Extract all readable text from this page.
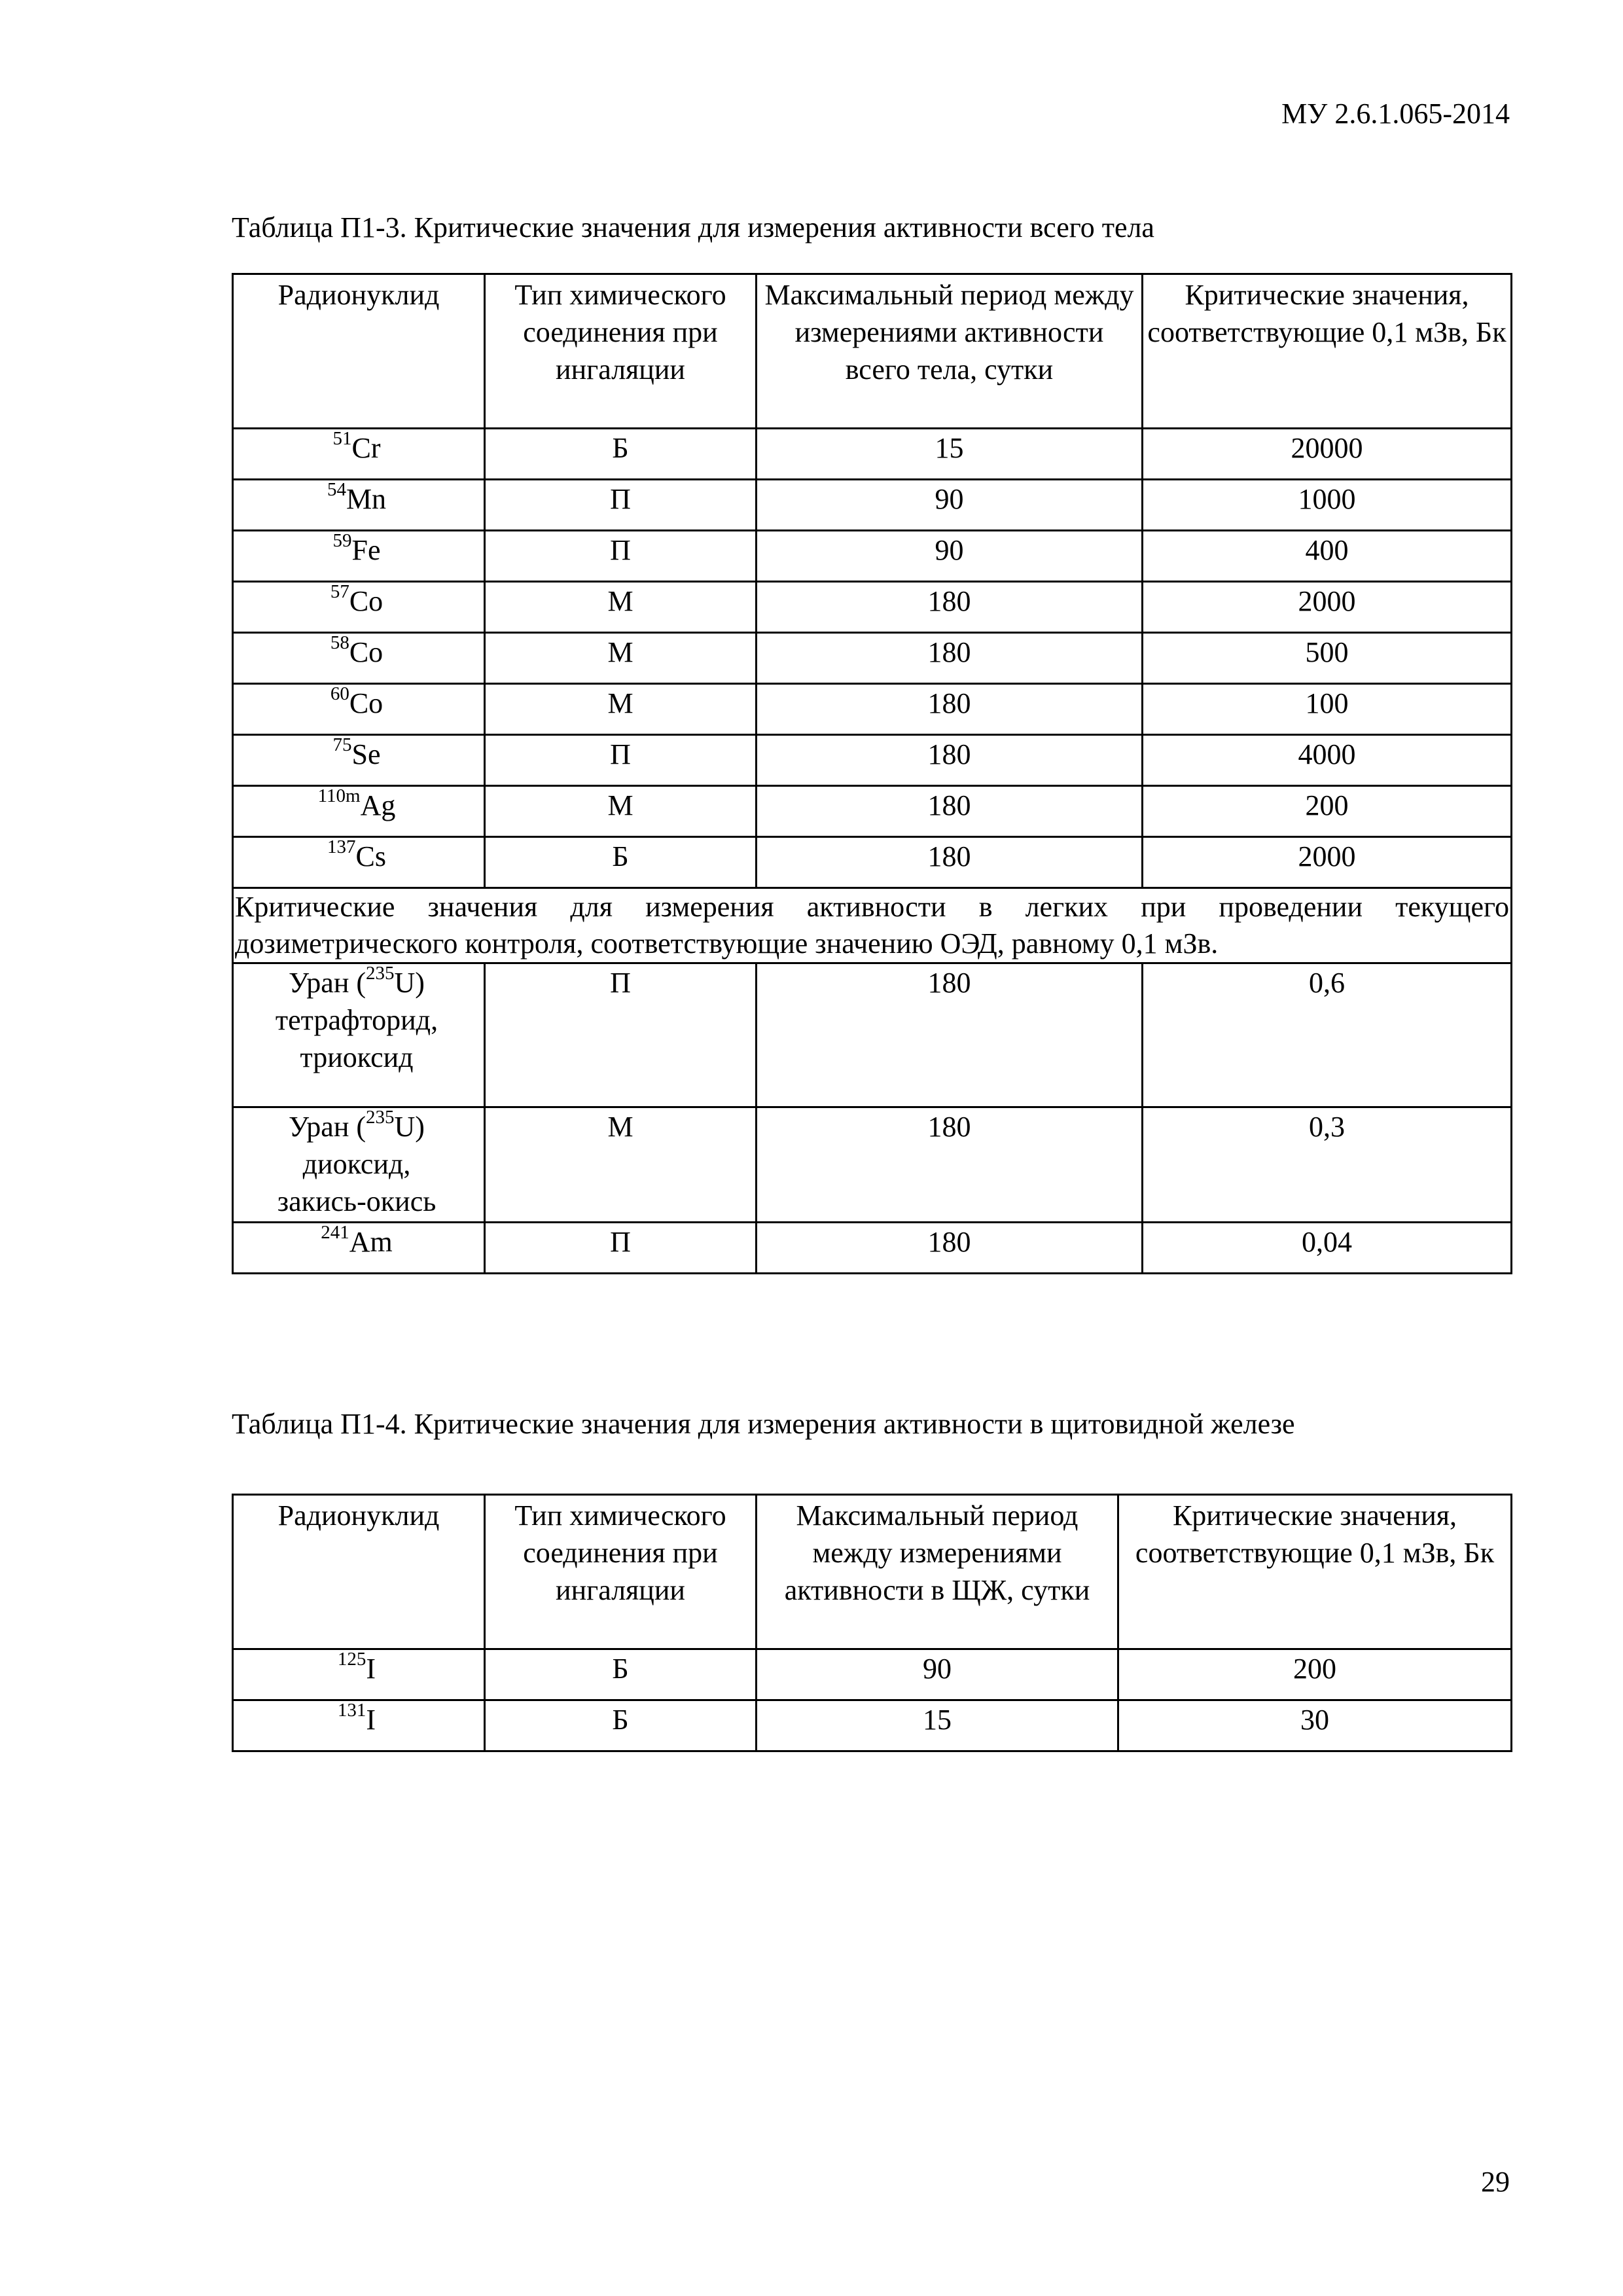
МУ 2.6.1.065-2014
Таблица П1-3. Критические значения для измерения активности всего тела
Радионуклид	Тип химического соединения при ингаляции	Максимальный период между измерениями активности всего тела, сутки	Критические значения, соответствующие 0,1 мЗв, Бк
$^{51}$Cr	Б	15	20000
$^{54}$Mn	П	90	1000
$^{59}$Fe	П	90	400
$^{57}$Co	М	180	2000
$^{58}$Co	М	180	500
$^{60}$Co	М	180	100
$^{75}$Se	П	180	4000
$^{110m}$Ag	М	180	200
$^{137}$Cs	Б	180	2000

Критические значения для измерения активности в легких при проведении текущего
дозиметрического контроля, соответствующие значению ОЭД, равному 0,1 мЗв.			

Уран ($^{235}$U)
тетрафторид,
триоксид	П	180	0,6

Уран ($^{235}$U)
диоксид,
закись-окись	М	180	0,3
$^{241}$Am	П	180	0,04
Таблица П1-4. Критические значения для измерения активности в щитовидной железе
Радионуклид	Тип химического соединения при ингаляции	Максимальный период между измерениями активности в ЩЖ, сутки	Критические значения, соответствующие 0,1 мЗв, Бк
$^{125}$I	Б	90	200
$^{131}$I	Б	15	30
29
